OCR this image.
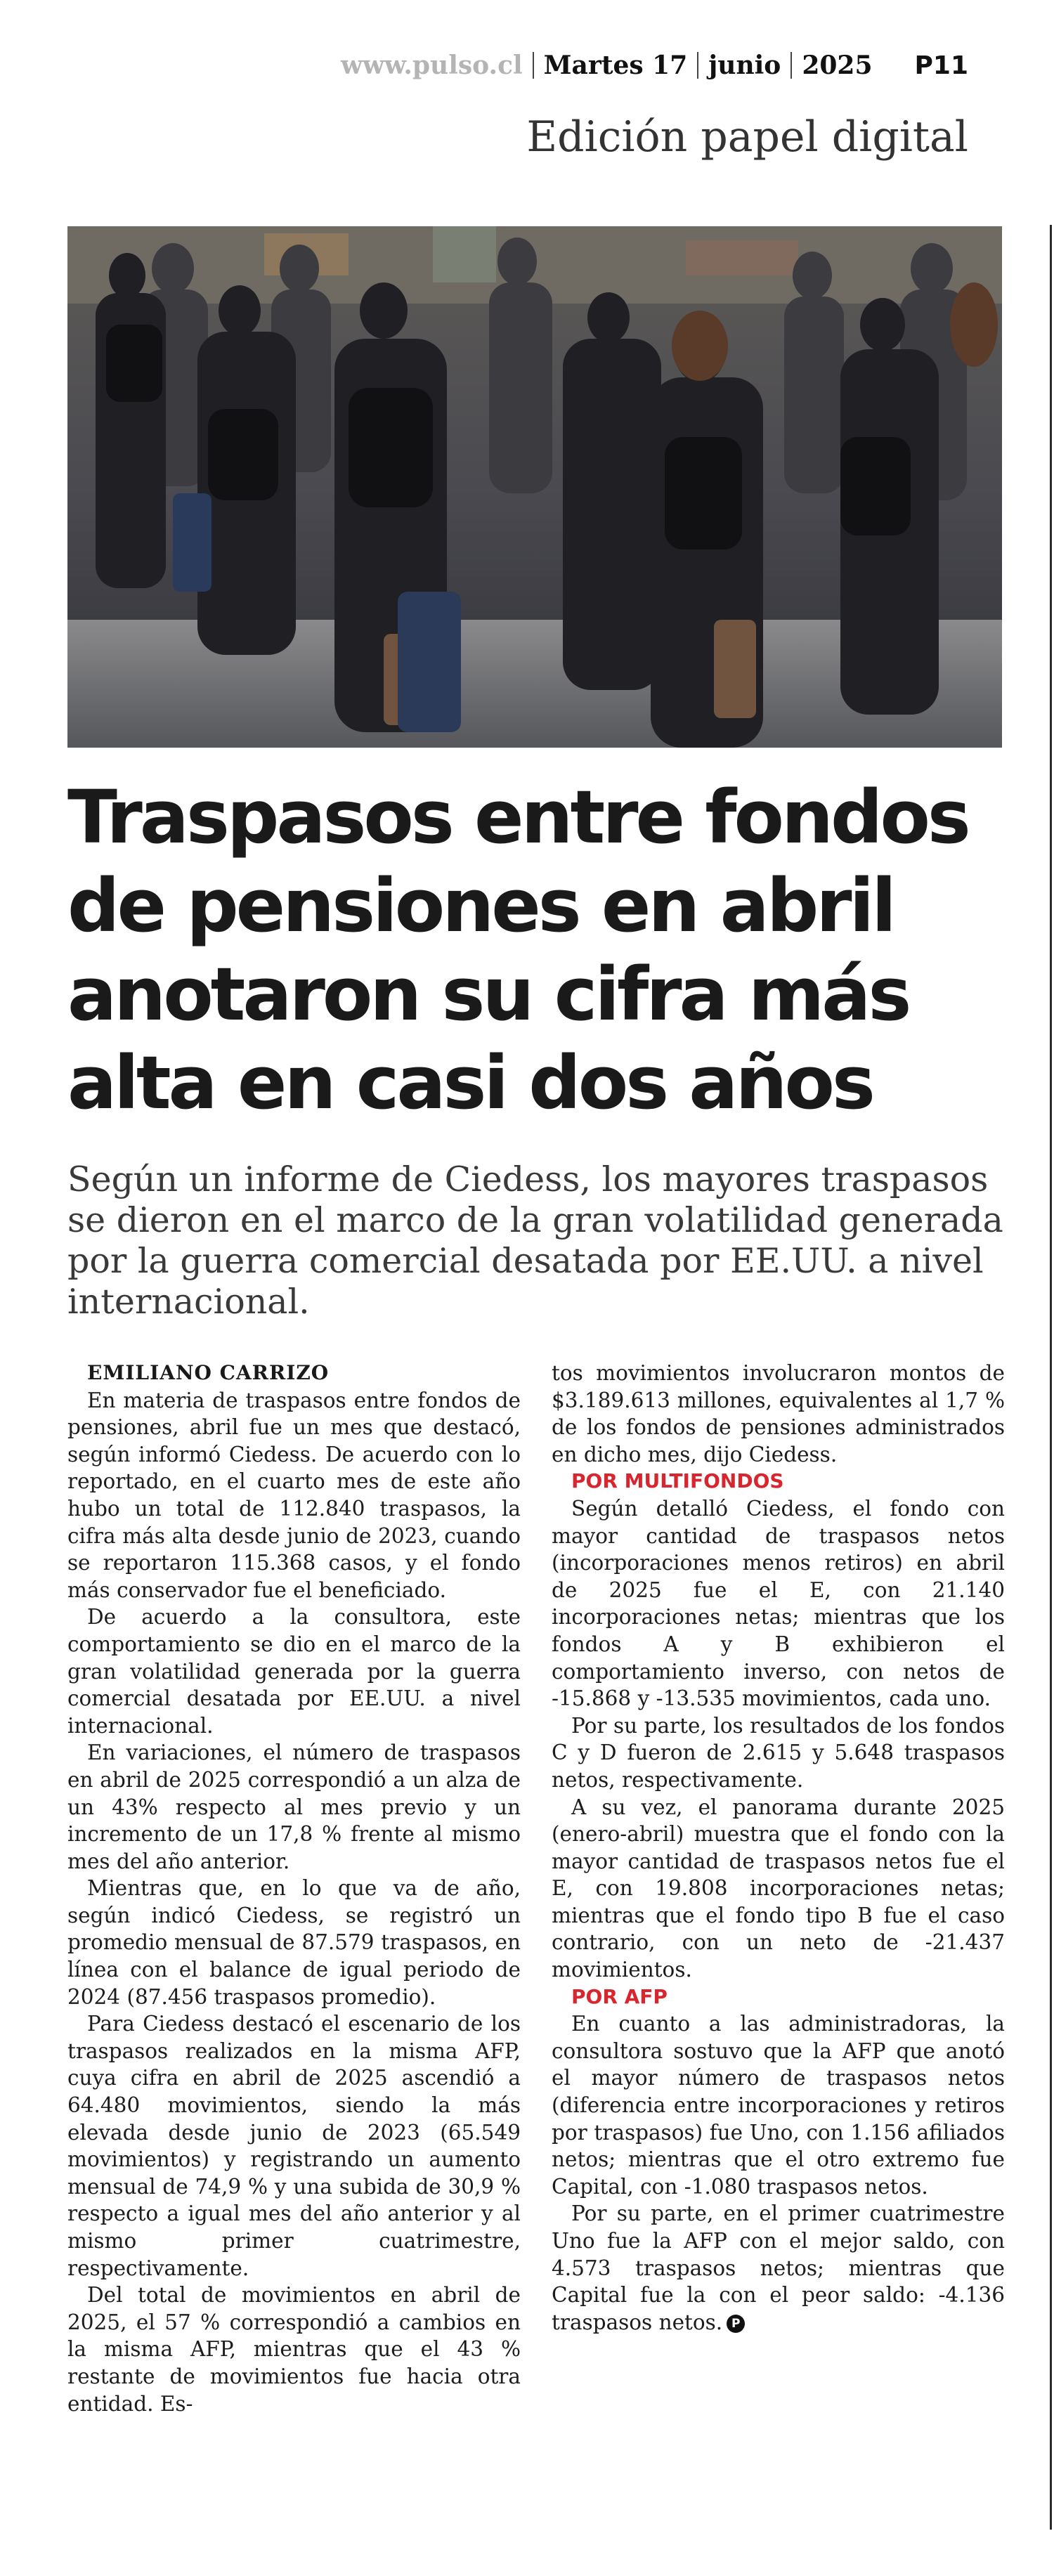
www.pulso.cl Martes 17 junio 2025 P11
Edición papel digital
Traspasos entre fondos de pensiones en abril anotaron su cifra más alta en casi dos años

Según un informe de Ciedess, los mayores traspasos se dieron en el marco de la gran volatilidad generada por la guerra comercial desatada por EE.UU. a nivel internacional.

EMILIANO CARRIZO

En materia de traspasos entre fondos de pensiones, abril fue un mes que destacó, según informó Ciedess. De acuerdo con lo reportado, en el cuarto mes de este año hubo un total de 112.840 traspasos, la cifra más alta desde junio de 2023, cuando se reportaron 115.368 casos, y el fondo más conservador fue el beneficiado.

De acuerdo a la consultora, este comportamiento se dio en el marco de la gran volatilidad generada por la guerra comercial desatada por EE.UU. a nivel internacional.

En variaciones, el número de traspasos en abril de 2025 correspondió a un alza de un 43% respecto al mes previo y un incremento de un 17,8 % frente al mismo mes del año anterior.

Mientras que, en lo que va de año, según indicó Ciedess, se registró un promedio mensual de 87.579 traspasos, en línea con el balance de igual periodo de 2024 (87.456 traspasos promedio).

Para Ciedess destacó el escenario de los traspasos realizados en la misma AFP, cuya cifra en abril de 2025 ascendió a 64.480 movimientos, siendo la más elevada desde junio de 2023 (65.549 movimientos) y registrando un aumento mensual de 74,9 % y una subida de 30,9 % respecto a igual mes del año anterior y al mismo primer cuatrimestre, respectivamente.

Del total de movimientos en abril de 2025, el 57 % correspondió a cambios en la misma AFP, mientras que el 43 % restante de movimientos fue hacia otra entidad. Es-

tos movimientos involucraron montos de $3.189.613 millones, equivalentes al 1,7 % de los fondos de pensiones administrados en dicho mes, dijo Ciedess.

POR MULTIFONDOS

Según detalló Ciedess, el fondo con mayor cantidad de traspasos netos (incorporaciones menos retiros) en abril de 2025 fue el E, con 21.140 incorporaciones netas; mientras que los fondos A y B exhibieron el comportamiento inverso, con netos de -15.868 y -13.535 movimientos, cada uno.

Por su parte, los resultados de los fondos C y D fueron de 2.615 y 5.648 traspasos netos, respectivamente.

A su vez, el panorama durante 2025 (enero-abril) muestra que el fondo con la mayor cantidad de traspasos netos fue el E, con 19.808 incorporaciones netas; mientras que el fondo tipo B fue el caso contrario, con un neto de -21.437 movimientos.

POR AFP

En cuanto a las administradoras, la consultora sostuvo que la AFP que anotó el mayor número de traspasos netos (diferencia entre incorporaciones y retiros por traspasos) fue Uno, con 1.156 afiliados netos; mientras que el otro extremo fue Capital, con -1.080 traspasos netos.

Por su parte, en el primer cuatrimestre Uno fue la AFP con el mejor saldo, con 4.573 traspasos netos; mientras que Capital fue la con el peor saldo: -4.136 traspasos netos. P
